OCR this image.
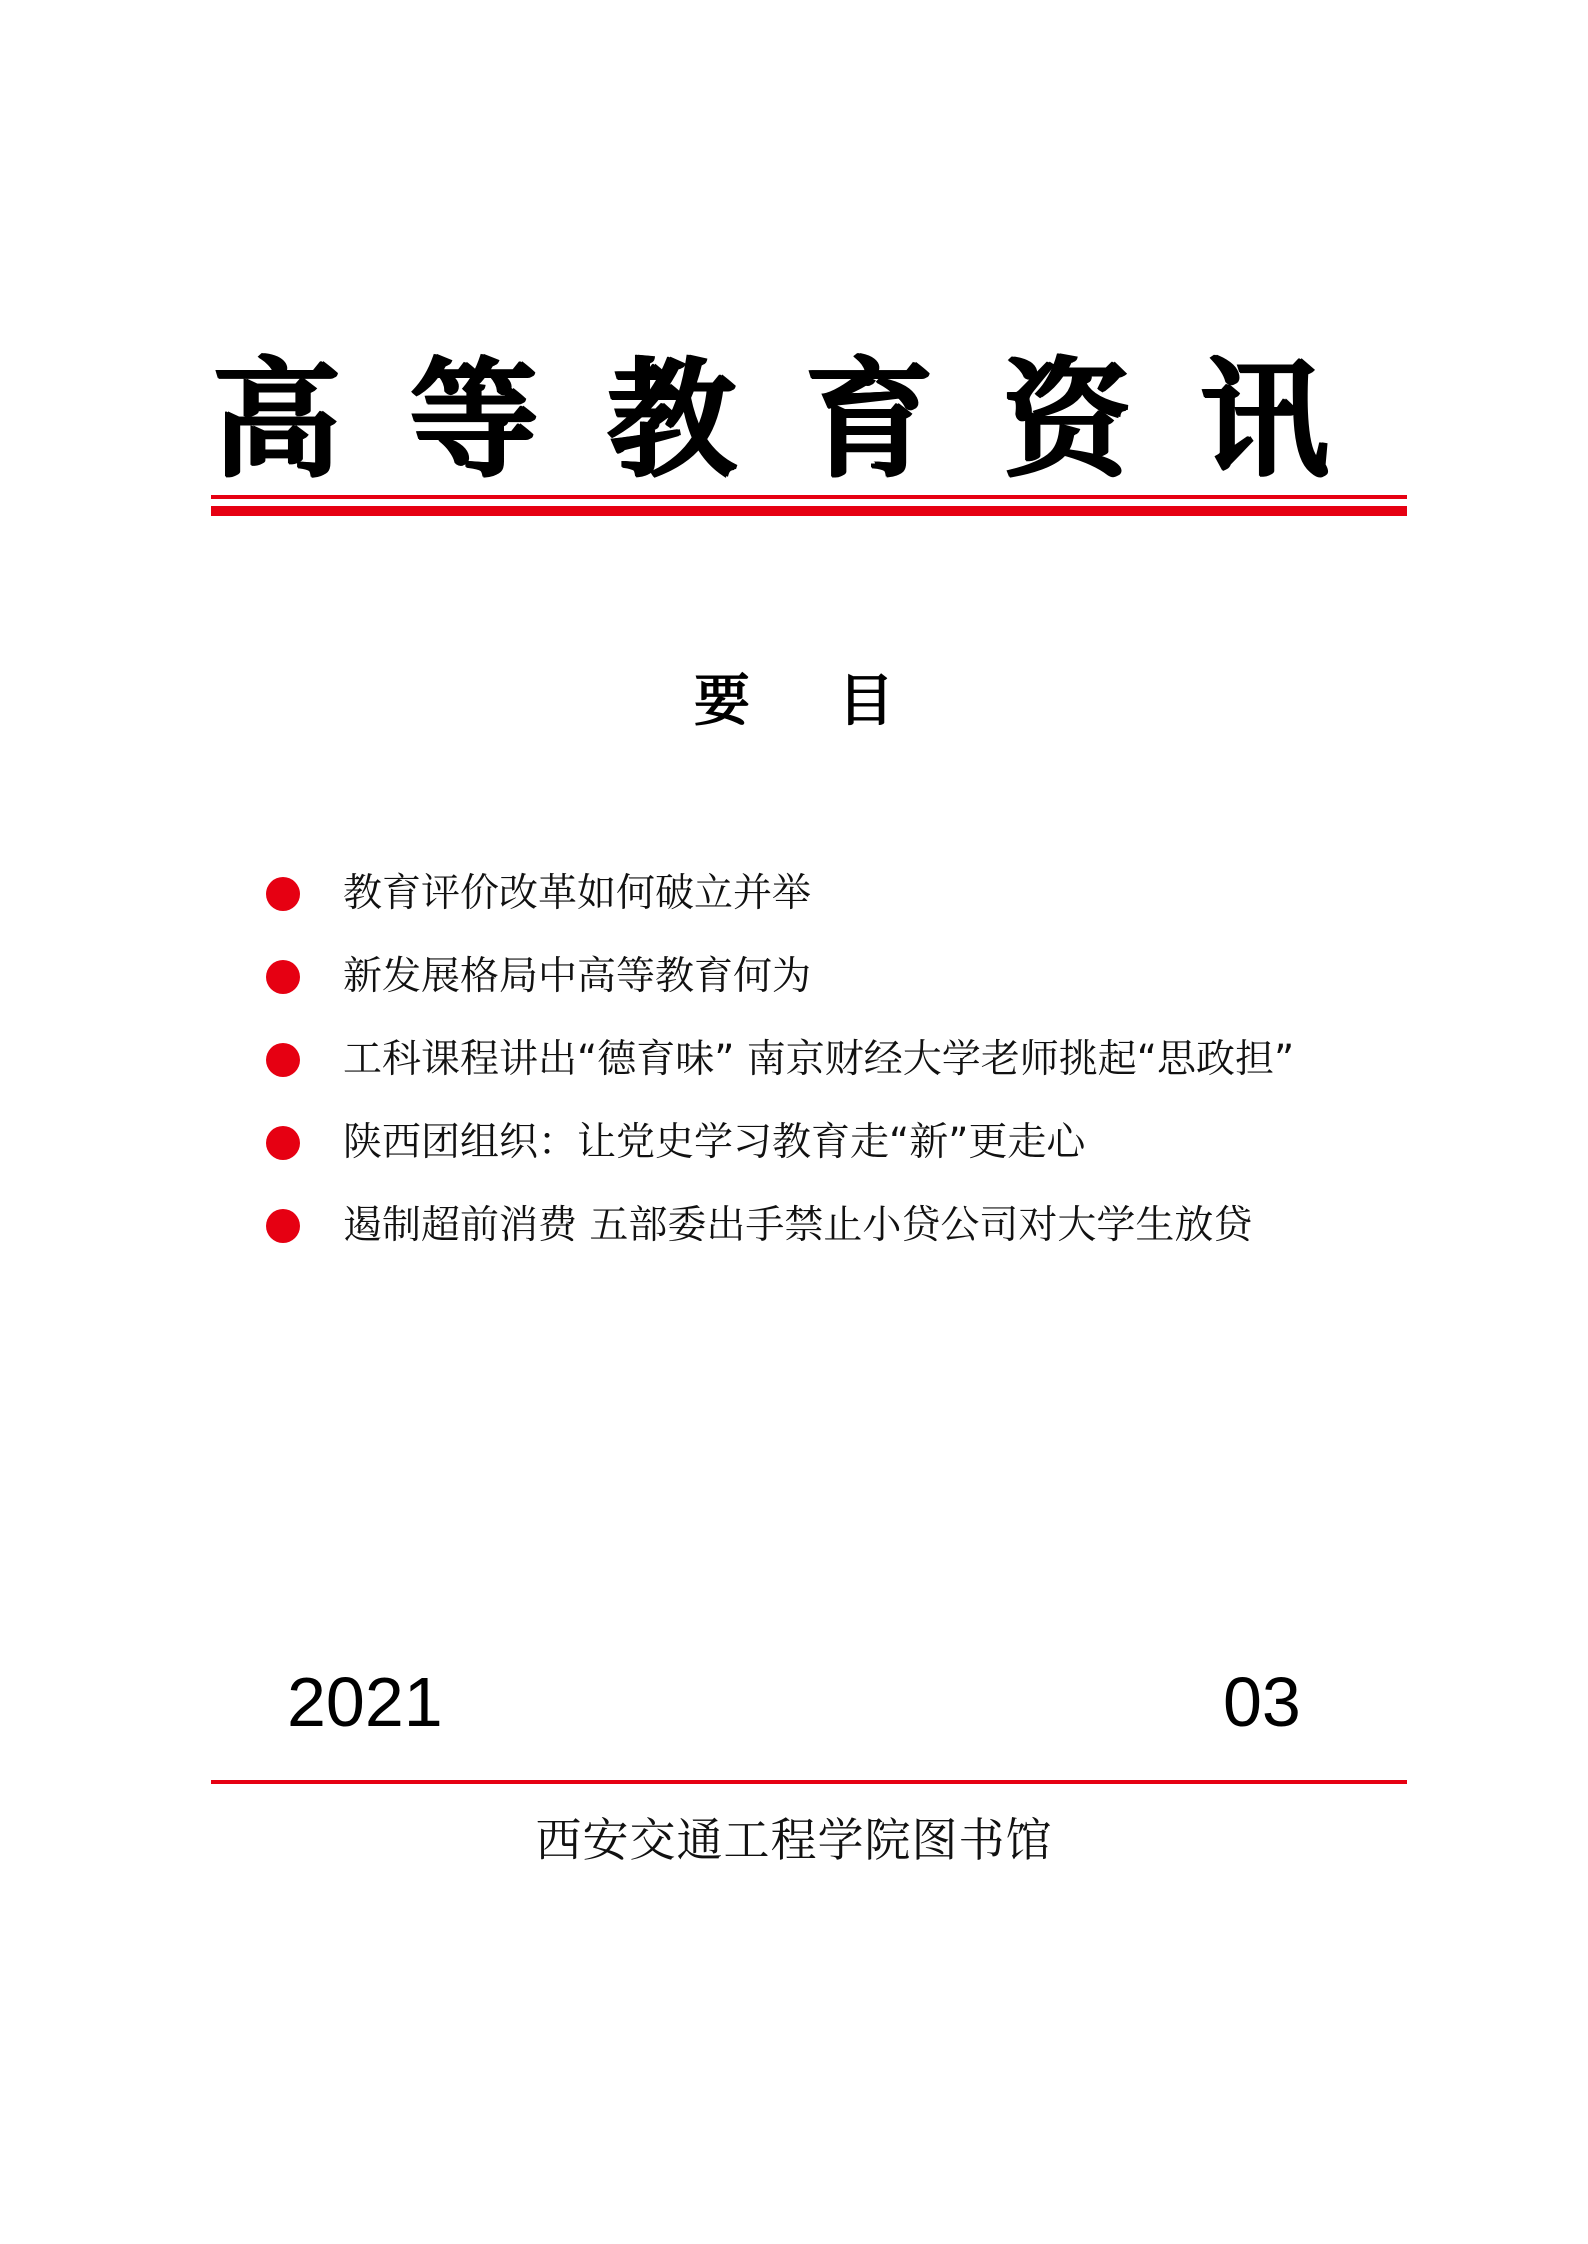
高 等 教 育 资 讯
要目
教育评价改革如何破立并举
新发展格局中高等教育何为
工科课程讲出“德育味” 南京财经大学老师挑起“思政担”
陕西团组织：让党史学习教育走“新”更走心
遏制超前消费 五部委出手禁止小贷公司对大学生放贷
2021	03
西安交通工程学院图书馆
